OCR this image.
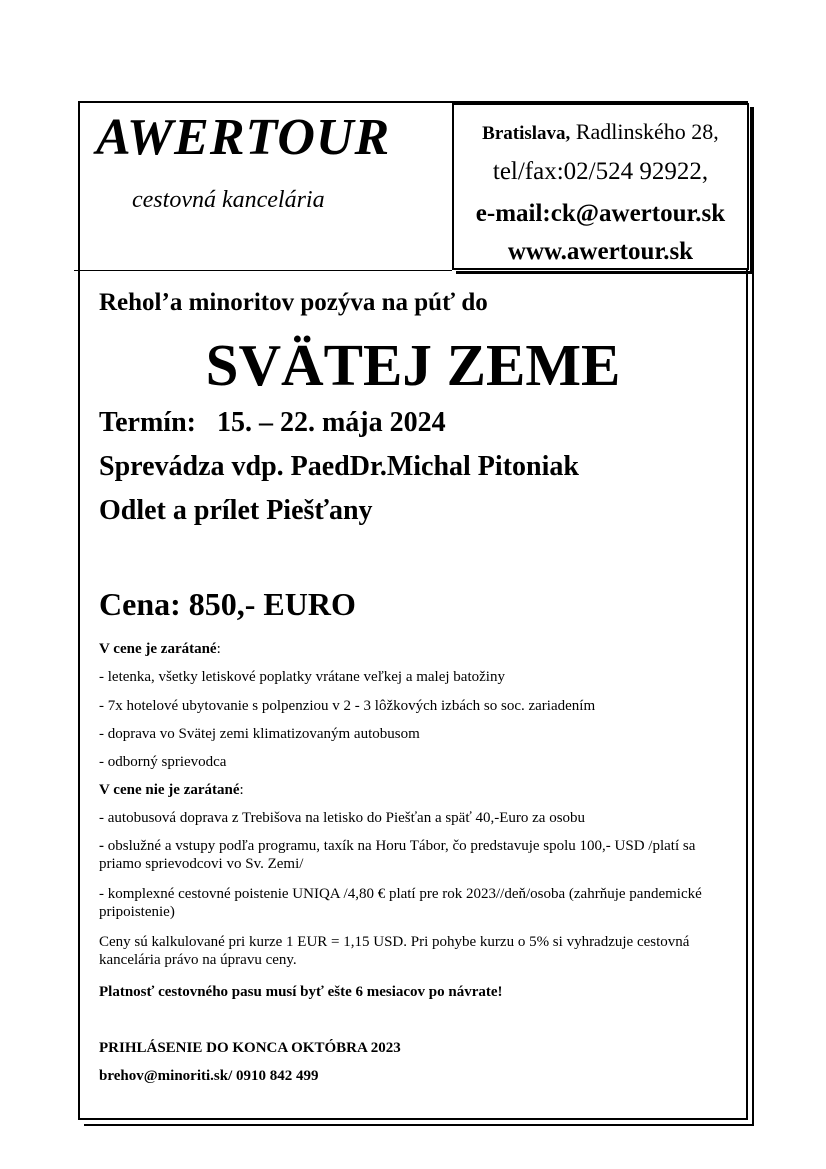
AWERTOUR
cestovná kancelária
Bratislava, Radlinského 28,
tel/fax:02/524 92922,
e-mail:ck@awertour.sk
www.awertour.sk
Reholʼa minoritov pozýva na púť do
SVÄTEJ ZEME
Termín:   15. – 22. mája 2024
Sprevádza vdp. PaedDr.Michal Pitoniak
Odlet a prílet Piešťany
Cena: 850,- EURO
V cene je zarátané:
- letenka, všetky letiskové poplatky vrátane veľkej a malej batožiny
- 7x hotelové ubytovanie s polpenziou v 2 - 3 lôžkových izbách so soc. zariadením
- doprava vo Svätej zemi klimatizovaným autobusom
- odborný sprievodca
V cene nie je zarátané:
- autobusová doprava z Trebišova na letisko do Piešťan a späť 40,-Euro za osobu
- obslužné a vstupy podľa programu, taxík na Horu Tábor, čo predstavuje spolu 100,- USD /platí sa priamo sprievodcovi vo Sv. Zemi/
- komplexné cestovné poistenie UNIQA /4,80 € platí pre rok 2023//deň/osoba (zahrňuje pandemické pripoistenie)
Ceny sú kalkulované pri kurze 1 EUR = 1,15 USD. Pri pohybe kurzu o 5% si vyhradzuje cestovná kancelária právo na úpravu ceny.
Platnosť cestovného pasu musí byť ešte 6 mesiacov po návrate!
PRIHLÁSENIE DO KONCA OKTÓBRA 2023
brehov@minoriti.sk/ 0910 842 499
